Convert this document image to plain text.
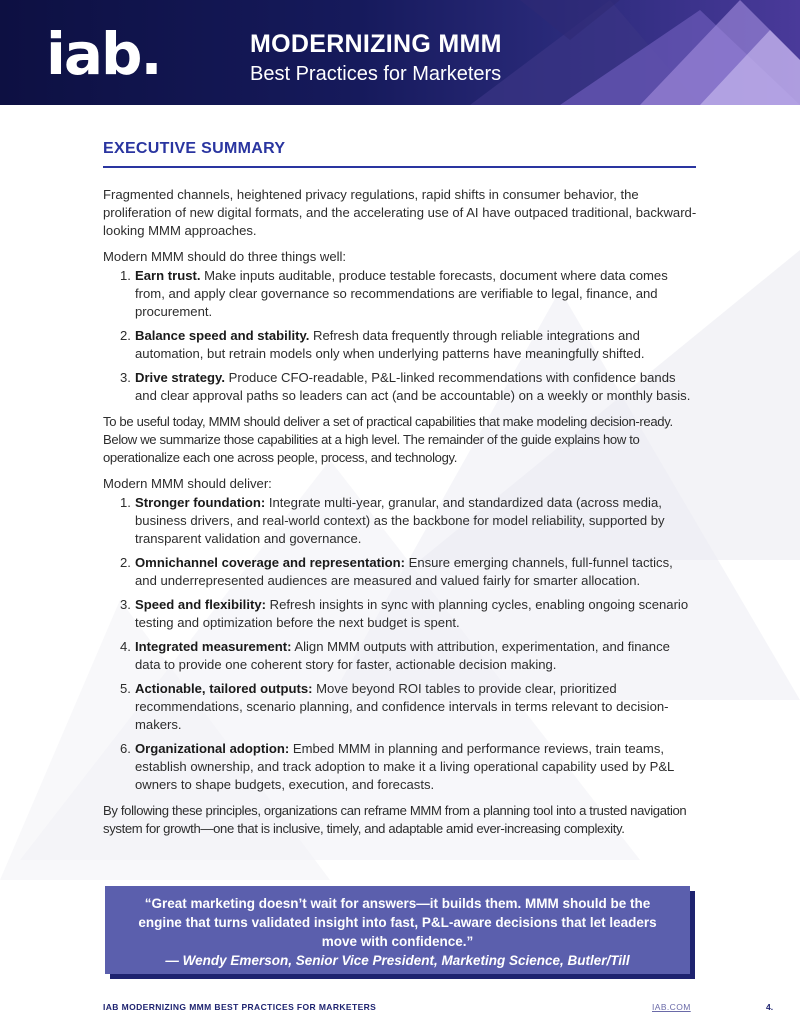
iab.	MODERNIZING MMM
Best Practices for Marketers
EXECUTIVE SUMMARY

Fragmented channels, heightened privacy regulations, rapid shifts in consumer behavior, the proliferation of new digital formats, and the accelerating use of AI have outpaced traditional, backward-looking MMM approaches.

Modern MMM should do three things well:

1. Earn trust. Make inputs auditable, produce testable forecasts, document where data comes from, and apply clear governance so recommendations are verifiable to legal, finance, and procurement.
2. Balance speed and stability. Refresh data frequently through reliable integrations and automation, but retrain models only when underlying patterns have meaningfully shifted.
3. Drive strategy. Produce CFO-readable, P&L-linked recommendations with confidence bands and clear approval paths so leaders can act (and be accountable) on a weekly or monthly basis.

To be useful today, MMM should deliver a set of practical capabilities that make modeling decision-ready. Below we summarize those capabilities at a high level. The remainder of the guide explains how to operationalize each one across people, process, and technology.

Modern MMM should deliver:

1. Stronger foundation: Integrate multi-year, granular, and standardized data (across media, business drivers, and real-world context) as the backbone for model reliability, supported by transparent validation and governance.
2. Omnichannel coverage and representation: Ensure emerging channels, full-funnel tactics, and underrepresented audiences are measured and valued fairly for smarter allocation.
3. Speed and flexibility: Refresh insights in sync with planning cycles, enabling ongoing scenario testing and optimization before the next budget is spent.
4. Integrated measurement: Align MMM outputs with attribution, experimentation, and finance data to provide one coherent story for faster, actionable decision making.
5. Actionable, tailored outputs: Move beyond ROI tables to provide clear, prioritized recommendations, scenario planning, and confidence intervals in terms relevant to decision-makers.
6. Organizational adoption: Embed MMM in planning and performance reviews, train teams, establish ownership, and track adoption to make it a living operational capability used by P&L owners to shape budgets, execution, and forecasts.

By following these principles, organizations can reframe MMM from a planning tool into a trusted navigation system for growth—one that is inclusive, timely, and adaptable amid ever-increasing complexity.

“Great marketing doesn’t wait for answers—it builds them. MMM should be the engine that turns validated insight into fast, P&L-aware decisions that let leaders move with confidence.”
— Wendy Emerson, Senior Vice President, Marketing Science, Butler/Till
IAB MODERNIZING MMM BEST PRACTICES FOR MARKETERS	IAB.COM	4.
